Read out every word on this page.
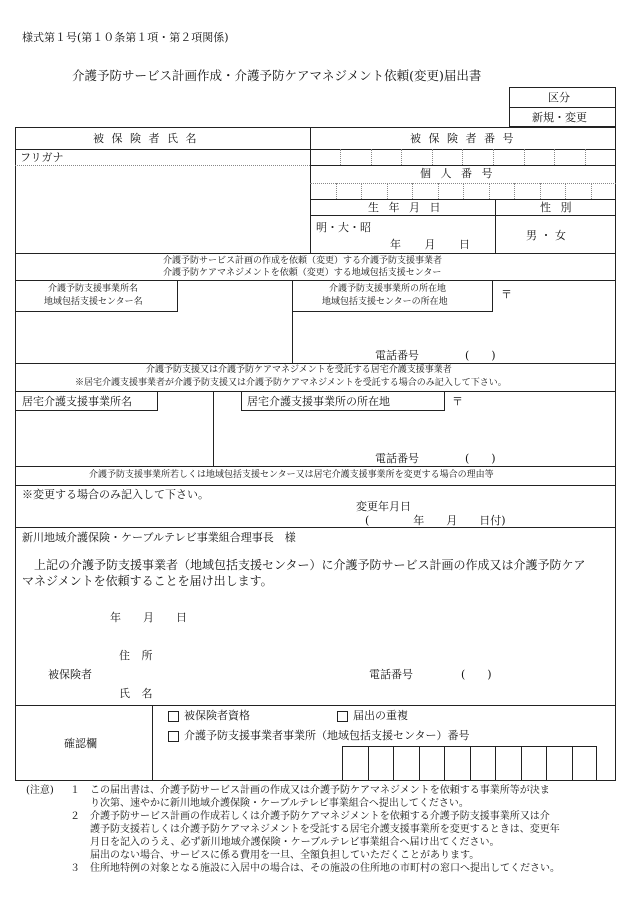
様式第１号(第１０条第１項・第２項関係)
介護予防サービス計画作成・介護予防ケアマネジメント依頼(変更)届出書
区分
新規・変更
被 保 険 者 氏 名	被 保 険 者 番 号
フリガナ
個 人 番 号
生 年 月 日	性 別
明・大・昭
年 月 日
男 ・ 女
介護予防サービス計画の作成を依頼（変更）する介護予防支援事業者
介護予防ケアマネジメントを依頼（変更）する地域包括支援センター
介護予防支援事業所名
地域包括支援センター名
介護予防支援事業所の所在地
地域包括支援センターの所在地
〒
電話番号	(　　)
介護予防支援又は介護予防ケアマネジメントを受託する居宅介護支援事業者
※居宅介護支援事業者が介護予防支援又は介護予防ケアマネジメントを受託する場合のみ記入して下さい。
居宅介護支援事業所名	居宅介護支援事業所の所在地	〒
電話番号	(　　)
介護予防支援事業所若しくは地域包括支援センター又は居宅介護支援事業所を変更する場合の理由等
※変更する場合のみ記入して下さい。
変更年月日
(　　　　年　　月　　日付)
新川地域介護保険・ケーブルテレビ事業組合理事長　様
　上記の介護予防支援事業者（地域包括支援センター）に介護予防サービス計画の作成又は介護予防ケア
マネジメントを依頼することを届け出します。
年　　月　　日
住 所
被保険者	電話番号	(　　)
氏 名
確認欄
被保険者資格	届出の重複
介護予防支援事業者事業所（地域包括支援センター）番号
(注意) １ この届出書は、介護予防サービス計画の作成又は介護予防ケアマネジメントを依頼する事業所等が決ま
り次第、速やかに新川地域介護保険・ケーブルテレビ事業組合へ提出してください。
２ 介護予防サービス計画の作成若しくは介護予防ケアマネジメントを依頼する介護予防支援事業所又は介
護予防支援若しくは介護予防ケアマネジメントを受託する居宅介護支援事業所を変更するときは、変更年
月日を記入のうえ、必ず新川地域介護保険・ケーブルテレビ事業組合へ届け出てください。
届出のない場合、サービスに係る費用を一旦、全額負担していただくことがあります。
３ 住所地特例の対象となる施設に入居中の場合は、その施設の住所地の市町村の窓口へ提出してください。
